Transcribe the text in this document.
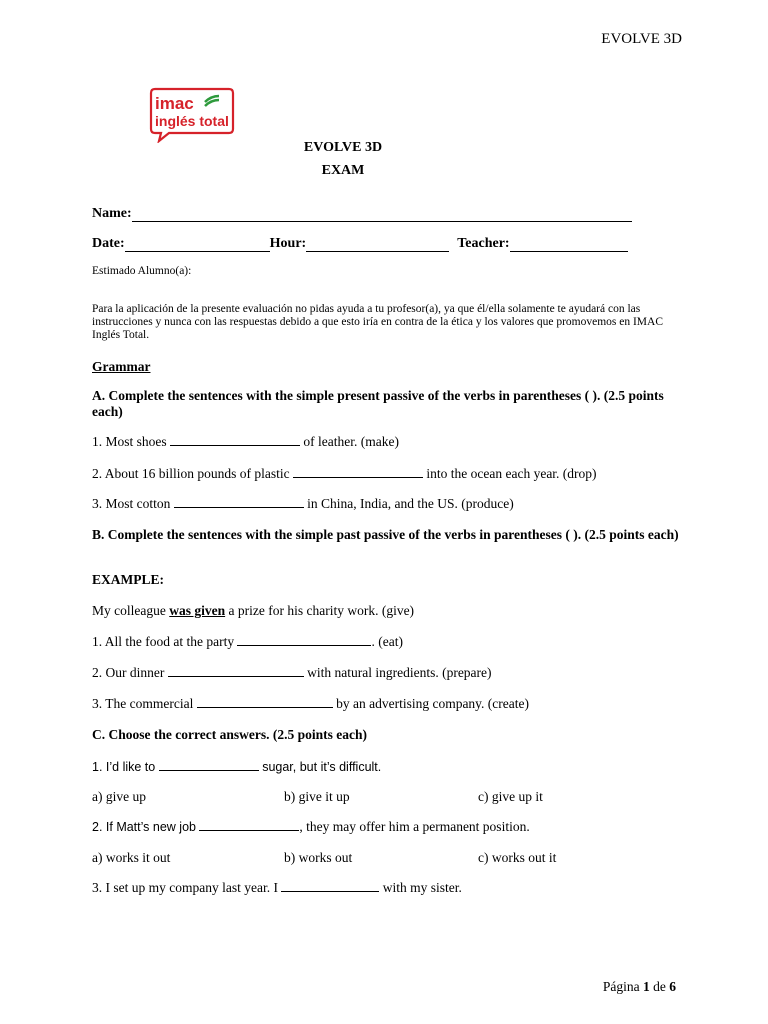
EVOLVE 3D
imac
inglés total
EVOLVE 3D
EXAM
Name:
Date:	Hour:	Teacher:
Estimado Alumno(a):
Para la aplicación de la presente evaluación no pidas ayuda a tu profesor(a), ya que él/ella solamente te ayudará con las instrucciones y nunca con las respuestas debido a que esto iría en contra de la ética y los valores que promovemos en IMAC Inglés Total.
Grammar
A. Complete the sentences with the simple present passive of the verbs in parentheses ( ). (2.5 points each)
1. Most shoes	of leather. (make)
2. About 16 billion pounds of plastic	into the ocean each year. (drop)
3. Most cotton	in China, India, and the US. (produce)
B. Complete the sentences with the simple past passive of the verbs in parentheses ( ). (2.5 points each)
EXAMPLE:
My colleague was given a prize for his charity work. (give)
1. All the food at the party	. (eat)
2. Our dinner	with natural ingredients. (prepare)
3. The commercial	by an advertising company. (create)
C. Choose the correct answers. (2.5 points each)
1. I’d like to	sugar, but it’s difficult.
a) give up	b) give it up	c) give up it
2. If Matt’s new job	, they may offer him a permanent position.
a) works it out	b) works out	c) works out it
3. I set up my company last year. I	with my sister.
Página 1 de 6
